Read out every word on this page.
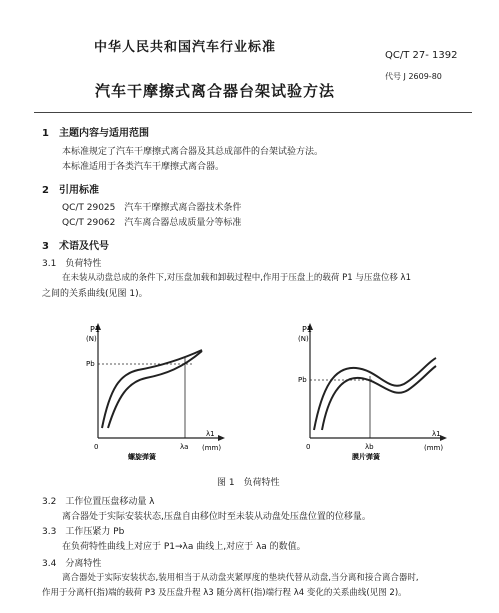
中华人民共和国汽车行业标准
QC/T 27- 1392
汽车干摩擦式离合器台架试验方法
代号 J 2609-80
1　主题内容与适用范围
本标准规定了汽车干摩擦式离合器及其总成部件的台架试验方法。
本标准适用于各类汽车干摩擦式离合器。
2　引用标准
QC/T 29025　汽车干摩擦式离合器技术条件
QC/T 29062　汽车离合器总成质量分等标准
3　术语及代号
3.1　负荷特性
在未装从动盘总成的条件下,对压盘加载和卸载过程中,作用于压盘上的载荷 P1 与压盘位移 λ1
之间的关系曲线(见图 1)。
P1
(N)
Pb
0	λa
λ1
(mm)
螺旋弹簧
P1
(N)
Pb
0	λb
λ1
(mm)
膜片弹簧
图 1　负荷特性
3.2　工作位置压盘移动量 λ
离合器处于实际安装状态,压盘自由移位时至未装从动盘处压盘位置的位移量。
3.3　工作压紧力 Pb
在负荷特性曲线上对应于 P1→λa 曲线上,对应于 λa 的数值。
3.4　分离特性
离合器处于实际安装状态,装用相当于从动盘夹紧厚度的垫块代替从动盘,当分离和接合离合器时,
作用于分离杆(指)端的载荷 P3 及压盘升程 λ3 随分离杆(指)端行程 λ4 变化的关系曲线(见图 2)。
